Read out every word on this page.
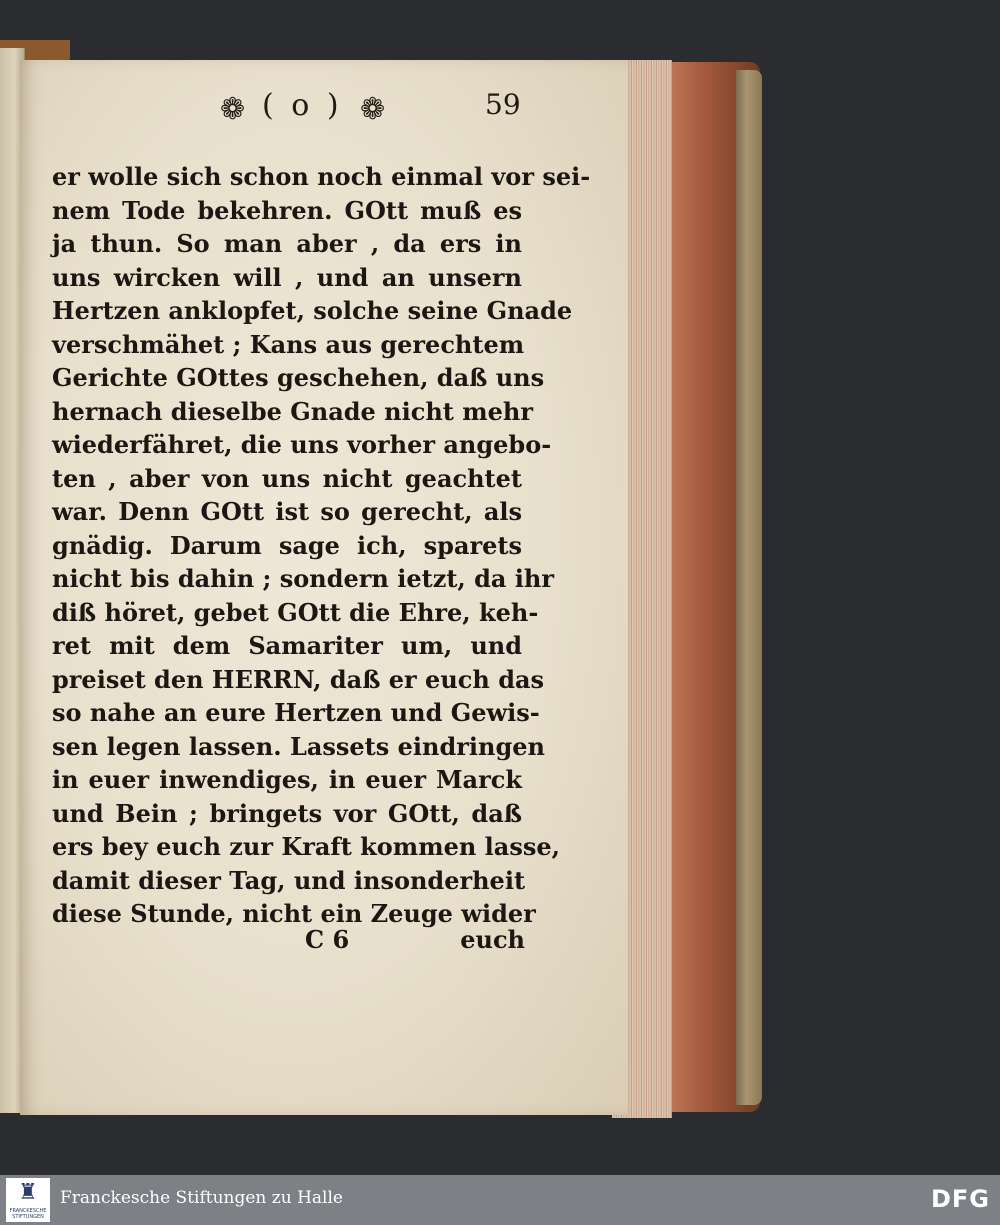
❁ ( o ) ❁	59
er wolle sich schon noch einmal vor sei-
nem Tode bekehren. GOtt muß es
ja thun. So man aber , da ers in
uns wircken will , und an unsern
Hertzen anklopfet, solche seine Gnade
verschmähet ; Kans aus gerechtem
Gerichte GOttes geschehen, daß uns
hernach dieselbe Gnade nicht mehr
wiederfähret, die uns vorher angebo-
ten , aber von uns nicht geachtet
war. Denn GOtt ist so gerecht, als
gnädig. Darum sage ich, sparets
nicht bis dahin ; sondern ietzt, da ihr
diß höret, gebet GOtt die Ehre, keh-
ret mit dem Samariter um, und
preiset den HERRN, daß er euch das
so nahe an eure Hertzen und Gewis-
sen legen lassen. Lassets eindringen
in euer inwendiges, in euer Marck
und Bein ; bringets vor GOtt, daß
ers bey euch zur Kraft kommen lasse,
damit dieser Tag, und insonderheit
diese Stunde, nicht ein Zeuge wider
C 6	euch
♜
FRANCKESCHE STIFTUNGEN
Franckesche Stiftungen zu Halle	DFG
